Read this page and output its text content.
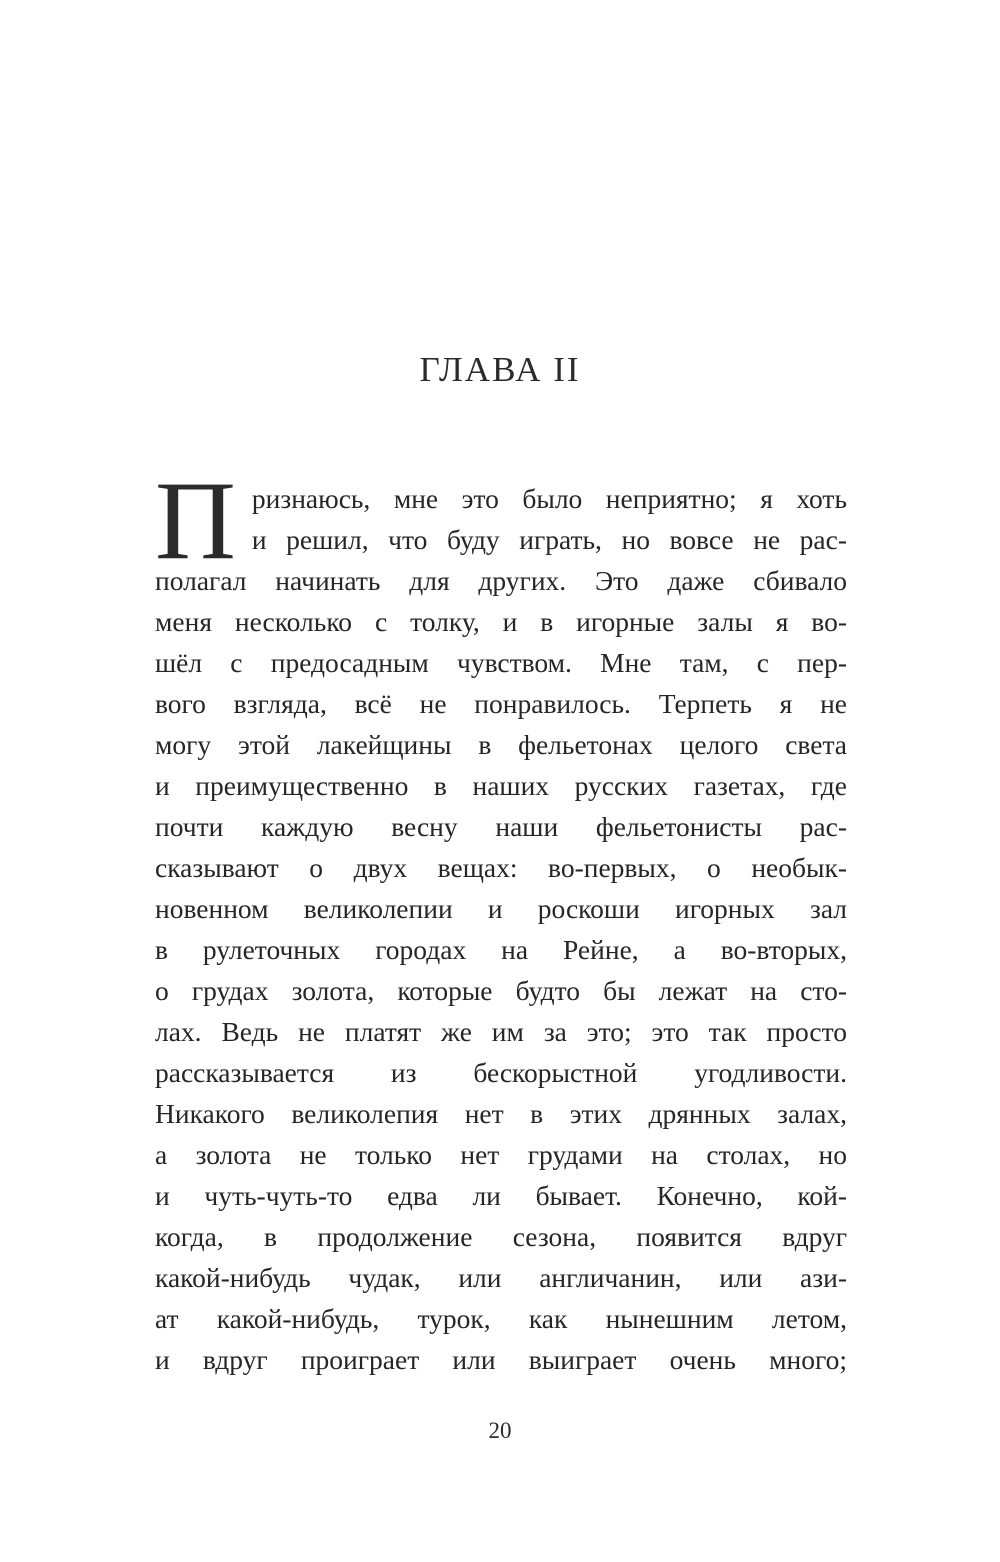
ГЛАВА II
П ризнаюсь, мне это было неприятно; я хоть
и решил, что буду играть, но вовсе не рас-
полагал начинать для других. Это даже сбивало
меня несколько с толку, и в игорные залы я во-
шёл с предосадным чувством. Мне там, с пер-
вого взгляда, всё не понравилось. Терпеть я не
могу этой лакейщины в фельетонах целого света
и преимущественно в наших русских газетах, где
почти каждую весну наши фельетонисты рас-
сказывают о двух вещах: во-первых, о необык-
новенном великолепии и роскоши игорных зал
в рулеточных городах на Рейне, а во-вторых,
о грудах золота, которые будто бы лежат на сто-
лах. Ведь не платят же им за это; это так просто
рассказывается из бескорыстной угодливости.
Никакого великолепия нет в этих дрянных залах,
а золота не только нет грудами на столах, но
и чуть-чуть-то едва ли бывает. Конечно, кой-
когда, в продолжение сезона, появится вдруг
какой-нибудь чудак, или англичанин, или ази-
ат какой-нибудь, турок, как нынешним летом,
и вдруг проиграет или выиграет очень много;
20
